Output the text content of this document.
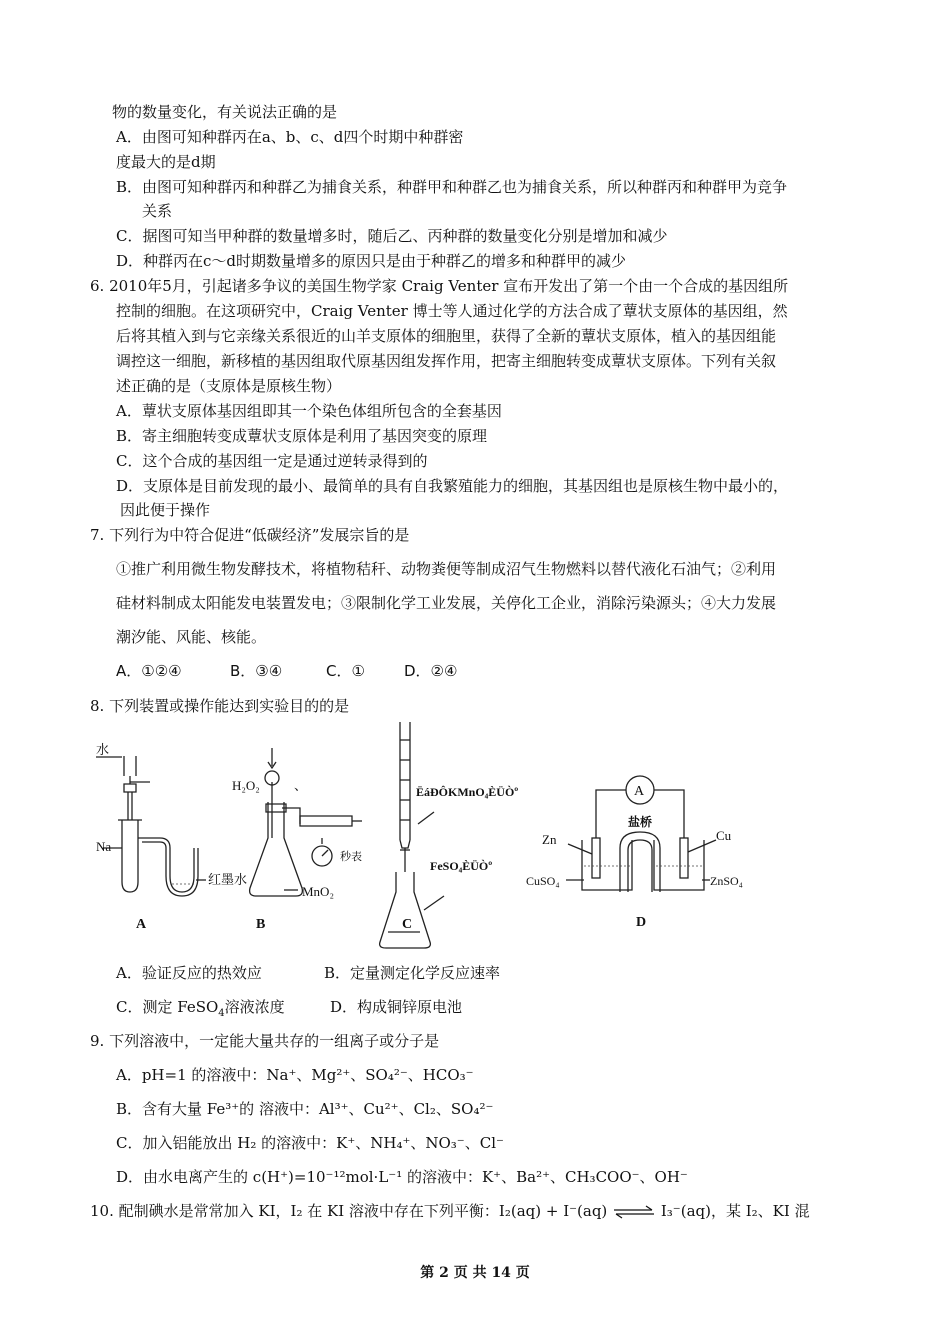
物的数量变化，有关说法正确的是
A．由图可知种群丙在a、b、c、d四个时期中种群密
度最大的是d期
B．由图可知种群丙和种群乙为捕食关系，种群甲和种群乙也为捕食关系，所以种群丙和种群甲为竞争
关系
C．据图可知当甲种群的数量增多时，随后乙、丙种群的数量变化分别是增加和减少
D．种群丙在c～d时期数量增多的原因只是由于种群乙的增多和种群甲的减少
6. 2010年5月，引起诸多争议的美国生物学家 Craig Venter 宣布开发出了第一个由一个合成的基因组所
控制的细胞。在这项研究中，Craig Venter 博士等人通过化学的方法合成了蕈状支原体的基因组，然
后将其植入到与它亲缘关系很近的山羊支原体的细胞里，获得了全新的蕈状支原体，植入的基因组能
调控这一细胞，新移植的基因组取代原基因组发挥作用，把寄主细胞转变成蕈状支原体。下列有关叙
述正确的是（支原体是原核生物）
A．蕈状支原体基因组即其一个染色体组所包含的全套基因
B．寄主细胞转变成蕈状支原体是利用了基因突变的原理
C．这个合成的基因组一定是通过逆转录得到的
D．支原体是目前发现的最小、最简单的具有自我繁殖能力的细胞，其基因组也是原核生物中最小的，
因此便于操作
7. 下列行为中符合促进“低碳经济”发展宗旨的是
①推广利用微生物发酵技术，将植物秸秆、动物粪便等制成沼气生物燃料以替代液化石油气；②利用
硅材料制成太阳能发电装置发电；③限制化学工业发展，关停化工企业，消除污染源头；④大力发展
潮汐能、风能、核能。
A．①②④	B．③④	C．①	D．②④
8. 下列装置或操作能达到实验目的的是
水
Na
红墨水
H₂O₂	、
秒表
MnO₂
ËáÐÔKMnO₄ÈÜÒº
FeSO₄ÈÜÒº
A
盐桥
Zn	Cu
CuSO₄	ZnSO₄
A	B	C	D
A．验证反应的热效应	B．定量测定化学反应速率
C．测定 FeSO$_4$溶液浓度	D．构成铜锌原电池
9. 下列溶液中，一定能大量共存的一组离子或分子是
A．pH=1 的溶液中：Na⁺、Mg²⁺、SO₄²⁻、HCO₃⁻
B．含有大量 Fe³⁺的 溶液中：Al³⁺、Cu²⁺、Cl₂、SO₄²⁻
C．加入铝能放出 H₂ 的溶液中：K⁺、NH₄⁺、NO₃⁻、Cl⁻
D．由水电离产生的 c(H⁺)=10⁻¹²mol·L⁻¹ 的溶液中：K⁺、Ba²⁺、CH₃COO⁻、OH⁻
10. 配制碘水是常常加入 KI，I₂ 在 KI 溶液中存在下列平衡：I₂(aq) + I⁻(aq) ⇌ I₃⁻(aq)，某 I₂、KI 混
第 2 页 共 14 页
